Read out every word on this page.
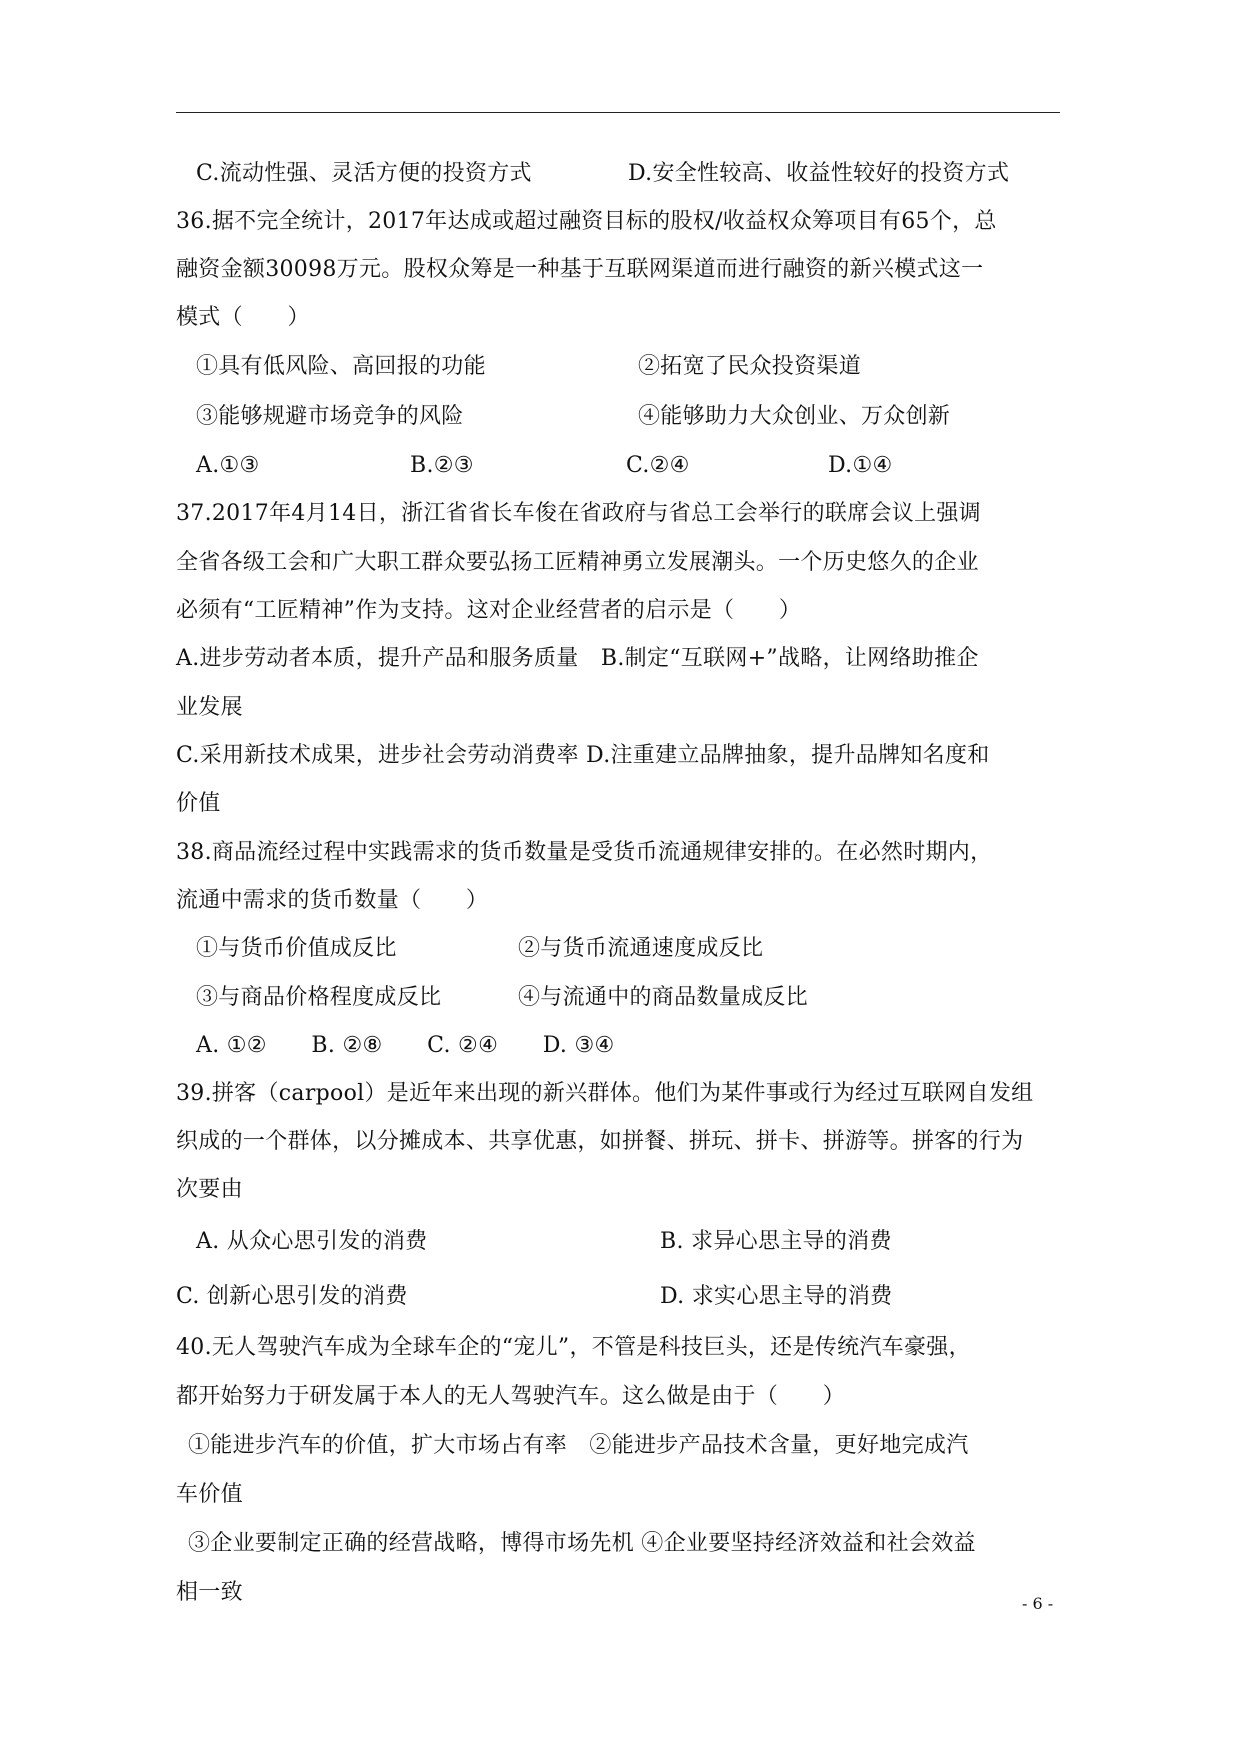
C.流动性强、灵活方便的投资方式	D.安全性较高、收益性较好的投资方式
36.据不完全统计，2017年达成或超过融资目标的股权/收益权众筹项目有65个，总
融资金额30098万元。股权众筹是一种基于互联网渠道而进行融资的新兴模式这一
模式（　　）
①具有低风险、高回报的功能	②拓宽了民众投资渠道
③能够规避市场竞争的风险	④能够助力大众创业、万众创新
A.①③	B.②③	C.②④	D.①④
37.2017年4月14日，浙江省省长车俊在省政府与省总工会举行的联席会议上强调
全省各级工会和广大职工群众要弘扬工匠精神勇立发展潮头。一个历史悠久的企业
必须有“工匠精神”作为支持。这对企业经营者的启示是（　　）
A.进步劳动者本质，提升产品和服务质量　B.制定“互联网+”战略，让网络助推企
业发展
C.采用新技术成果，进步社会劳动消费率 D.注重建立品牌抽象，提升品牌知名度和
价值
38.商品流经过程中实践需求的货币数量是受货币流通规律安排的。在必然时期内，
流通中需求的货币数量（　　）
①与货币价值成反比	②与货币流通速度成反比
③与商品价格程度成反比	④与流通中的商品数量成反比
A. ①②　　B. ②⑧　　C. ②④　　D. ③④
39.拼客（carpool）是近年来出现的新兴群体。他们为某件事或行为经过互联网自发组
织成的一个群体，以分摊成本、共享优惠，如拼餐、拼玩、拼卡、拼游等。拼客的行为
次要由
A. 从众心思引发的消费	B. 求异心思主导的消费
C. 创新心思引发的消费	D. 求实心思主导的消费
40.无人驾驶汽车成为全球车企的“宠儿”，不管是科技巨头，还是传统汽车豪强，
都开始努力于研发属于本人的无人驾驶汽车。这么做是由于（　　）
①能进步汽车的价值，扩大市场占有率　②能进步产品技术含量，更好地完成汽
车价值
③企业要制定正确的经营战略，博得市场先机 ④企业要坚持经济效益和社会效益
相一致	- 6 -
